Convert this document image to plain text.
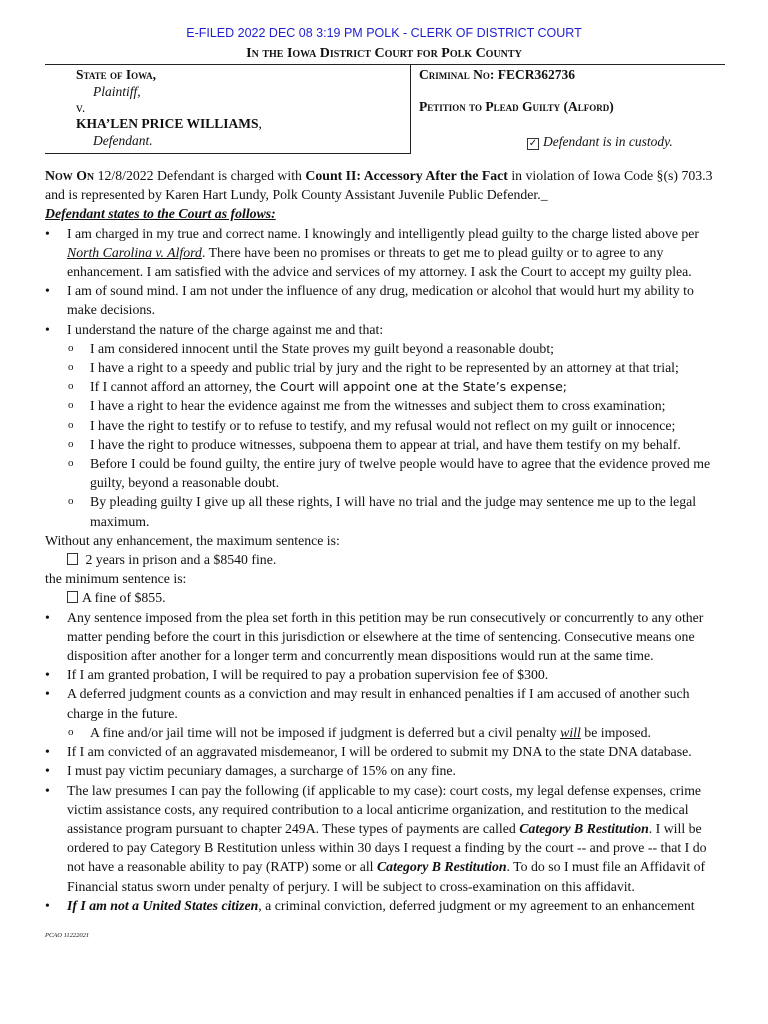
E-FILED 2022 DEC 08 3:19 PM POLK - CLERK OF DISTRICT COURT
In the Iowa District Court for Polk County
State of Iowa,
Plaintiff,
v.
KHA’LEN PRICE WILLIAMS,
Defendant.
Criminal No: FECR362736
Petition to Plead Guilty (Alford)
✓ Defendant is in custody.

Now On 12/8/2022 Defendant is charged with Count II: Accessory After the Fact in violation of Iowa Code §(s) 703.3

and is represented by Karen Hart Lundy, Polk County Assistant Juvenile Public Defender._

Defendant states to the Court as follows:

•	I am charged in my true and correct name. I knowingly and intelligently plead guilty to the charge listed above per North Carolina v. Alford. There have been no promises or threats to get me to plead guilty or to agree to any enhancement. I am satisfied with the advice and services of my attorney. I ask the Court to accept my guilty plea.
•	I am of sound mind. I am not under the influence of any drug, medication or alcohol that would hurt my ability to make decisions.
•	I understand the nature of the charge against me and that:
o I am considered innocent until the State proves my guilt beyond a reasonable doubt;
o I have a right to a speedy and public trial by jury and the right to be represented by an attorney at that trial;
o If I cannot afford an attorney, the Court will appoint one at the State’s expense;
o I have a right to hear the evidence against me from the witnesses and subject them to cross examination;
o I have the right to testify or to refuse to testify, and my refusal would not reflect on my guilt or innocence;
o I have the right to produce witnesses, subpoena them to appear at trial, and have them testify on my behalf.
o Before I could be found guilty, the entire jury of twelve people would have to agree that the evidence proved me guilty, beyond a reasonable doubt.
o By pleading guilty I give up all these rights, I will have no trial and the judge may sentence me up to the legal maximum.

Without any enhancement, the maximum sentence is:

2 years in prison and a $8540 fine.

the minimum sentence is:

A fine of $855.

•	Any sentence imposed from the plea set forth in this petition may be run consecutively or concurrently to any other matter pending before the court in this jurisdiction or elsewhere at the time of sentencing. Consecutive means one disposition after another for a longer term and concurrently mean dispositions would run at the same time.
•	If I am granted probation, I will be required to pay a probation supervision fee of $300.
•	A deferred judgment counts as a conviction and may result in enhanced penalties if I am accused of another such charge in the future.
o A fine and/or jail time will not be imposed if judgment is deferred but a civil penalty will be imposed.
•	If I am convicted of an aggravated misdemeanor, I will be ordered to submit my DNA to the state DNA database.
•	I must pay victim pecuniary damages, a surcharge of 15% on any fine.
•	The law presumes I can pay the following (if applicable to my case): court costs, my legal defense expenses, crime victim assistance costs, any required contribution to a local anticrime organization, and restitution to the medical assistance program pursuant to chapter 249A. These types of payments are called Category B Restitution. I will be ordered to pay Category B Restitution unless within 30 days I request a finding by the court -- and prove -- that I do not have a reasonable ability to pay (RATP) some or all Category B Restitution. To do so I must file an Affidavit of Financial status sworn under penalty of perjury. I will be subject to cross-examination on this affidavit.
•	If I am not a United States citizen, a criminal conviction, deferred judgment or my agreement to an enhancement
PCAO 11222021
